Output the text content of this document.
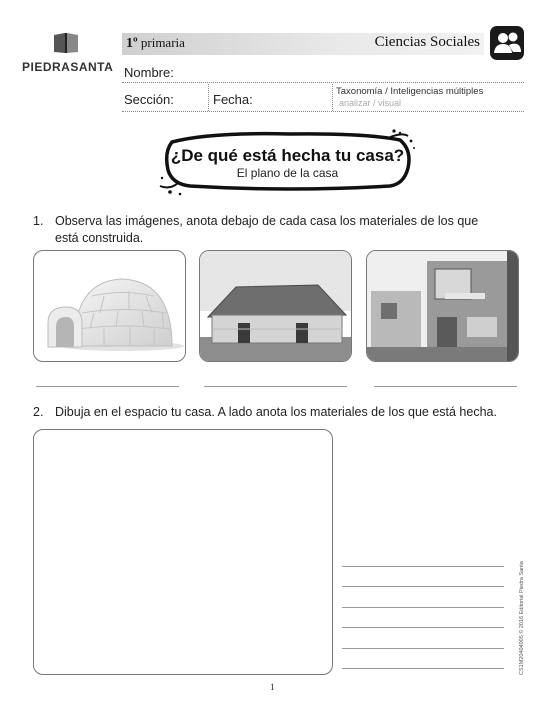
PIEDRASANTA
1º primaria	Ciencias Sociales
Nombre:
Sección:	Fecha:
Taxonomía / Inteligencias múltiples
analizar / visual
¿De qué está hecha tu casa?
El plano de la casa
1. Observa las imágenes, anota debajo de cada casa los materiales de los que está construida.
2. Dibuja en el espacio tu casa. A lado anota los materiales de los que está hecha.
CS1M20404005 © 2016 Editorial Piedra Santa
1
